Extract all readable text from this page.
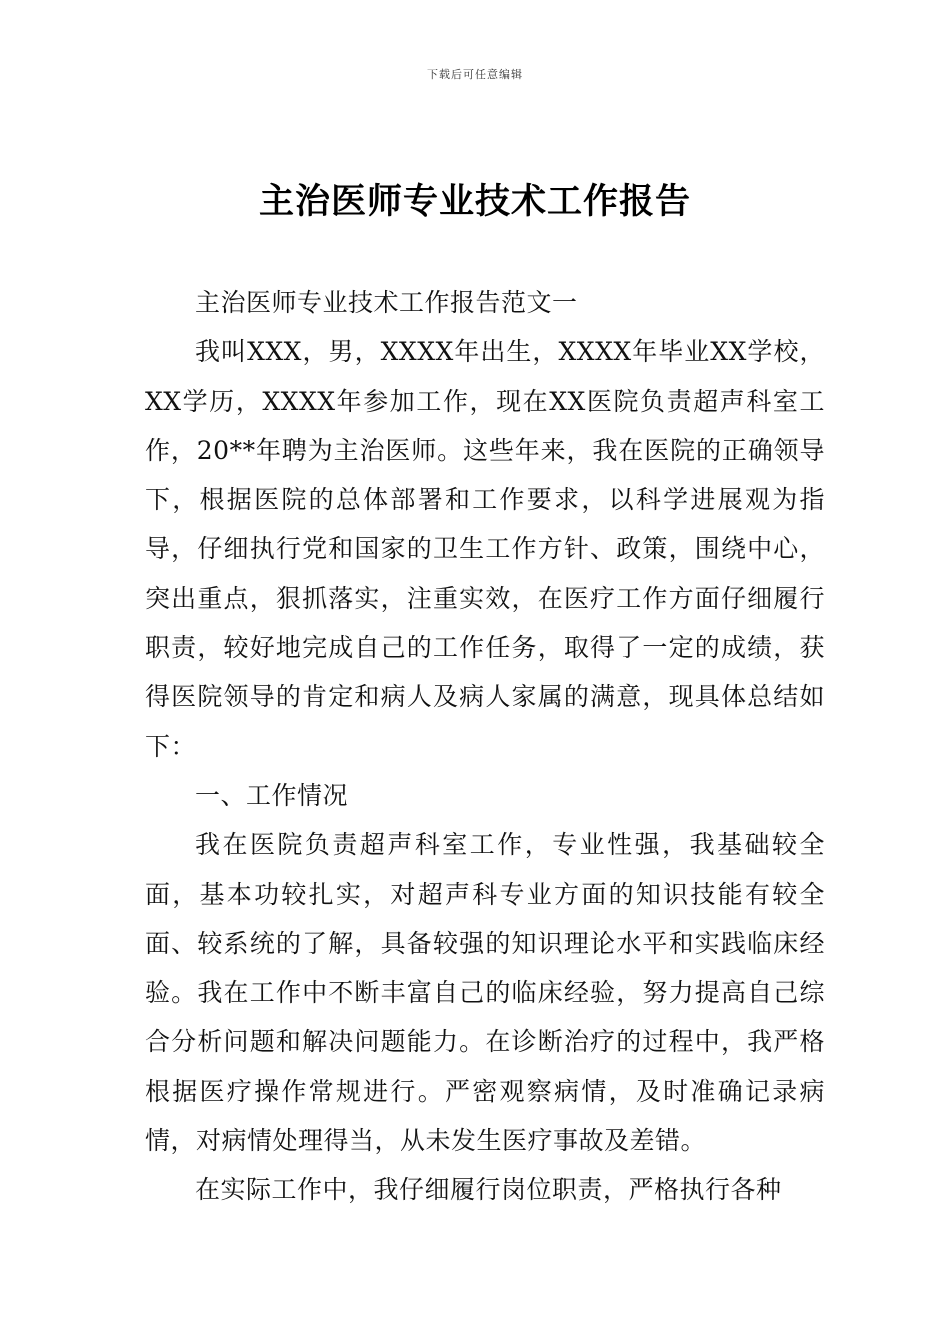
下载后可任意编辑
主治医师专业技术工作报告

主治医师专业技术工作报告范文一

我叫XXX，男，XXXX年出生，XXXX年毕业XX学校，XX学历，XXXX年参加工作，现在XX医院负责超声科室工作，20**年聘为主治医师。这些年来，我在医院的正确领导下，根据医院的总体部署和工作要求，以科学进展观为指导，仔细执行党和国家的卫生工作方针、政策，围绕中心，突出重点，狠抓落实，注重实效，在医疗工作方面仔细履行职责，较好地完成自己的工作任务，取得了一定的成绩，获得医院领导的肯定和病人及病人家属的满意，现具体总结如下：

一、工作情况

我在医院负责超声科室工作，专业性强，我基础较全面，基本功较扎实，对超声科专业方面的知识技能有较全面、较系统的了解，具备较强的知识理论水平和实践临床经验。我在工作中不断丰富自己的临床经验，努力提高自己综合分析问题和解决问题能力。在诊断治疗的过程中，我严格根据医疗操作常规进行。严密观察病情，及时准确记录病情，对病情处理得当，从未发生医疗事故及差错。

在实际工作中，我仔细履行岗位职责，严格执行各种
